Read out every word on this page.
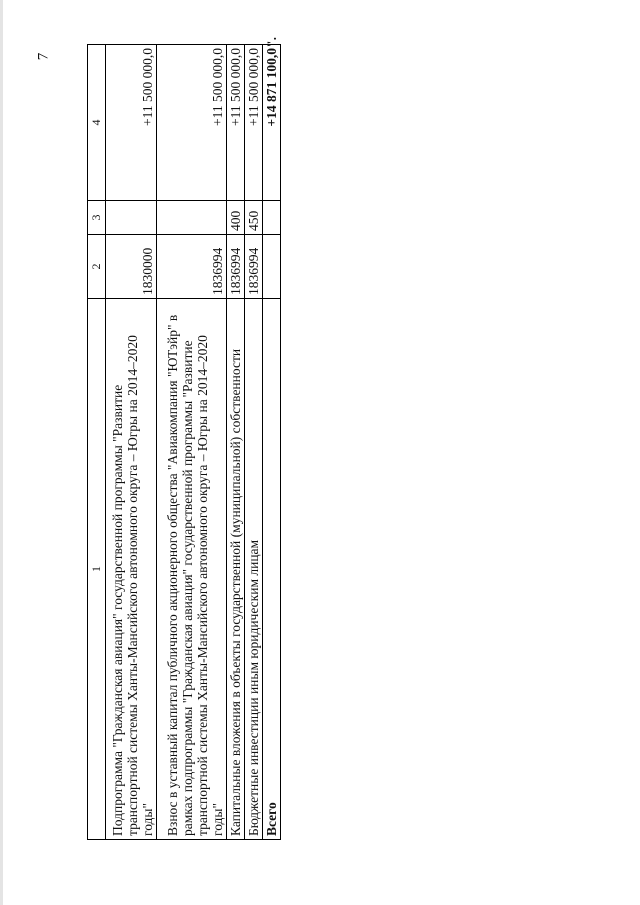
7
1	2	3	4
Подпрограмма "Гражданская авиация" государственной программы "Развитие транспортной системы Ханты-Мансийского автономного округа – Югры на 2014–2020 годы"	1830000		+11 500 000,0
Взнос в уставный капитал публичного акционерного общества "Авиакомпания "ЮТэйр" в рамках подпрограммы "Гражданская авиация" государственной программы "Развитие транспортной системы Ханты-Мансийского автономного округа – Югры на 2014–2020 годы"	1836994		+11 500 000,0
Капитальные вложения в объекты государственной (муниципальной) собственности	1836994	400	+11 500 000,0
Бюджетные инвестиции иным юридическим лицам	1836994	450	+11 500 000,0
Всего			+14 871 100,0
".
